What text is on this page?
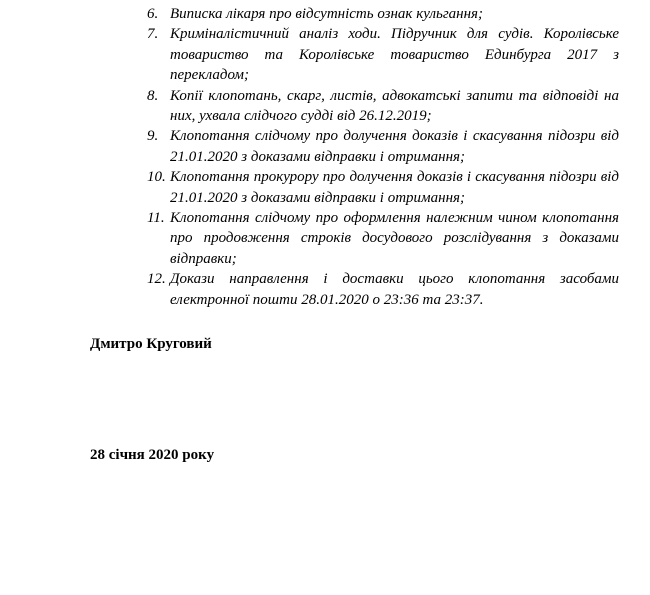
6. Виписка лікаря про відсутність ознак кульгання;
7. Криміналістичний аналіз ходи. Підручник для судів. Королівське товариство та Королівське товариство Единбурга 2017 з перекладом;
8. Копії клопотань, скарг, листів, адвокатські запити та відповіді на них, ухвала слідчого судді від 26.12.2019;
9. Клопотання слідчому про долучення доказів і скасування підозри від 21.01.2020 з доказами відправки і отримання;
10. Клопотання прокурору про долучення доказів і скасування підозри від 21.01.2020 з доказами відправки і отримання;
11. Клопотання слідчому про оформлення належним чином клопотання про продовження строків досудового розслідування з доказами відправки;
12. Докази направлення і доставки цього клопотання засобами електронної пошти 28.01.2020 о 23:36 та 23:37.
Дмитро Круговий
28 січня 2020 року
